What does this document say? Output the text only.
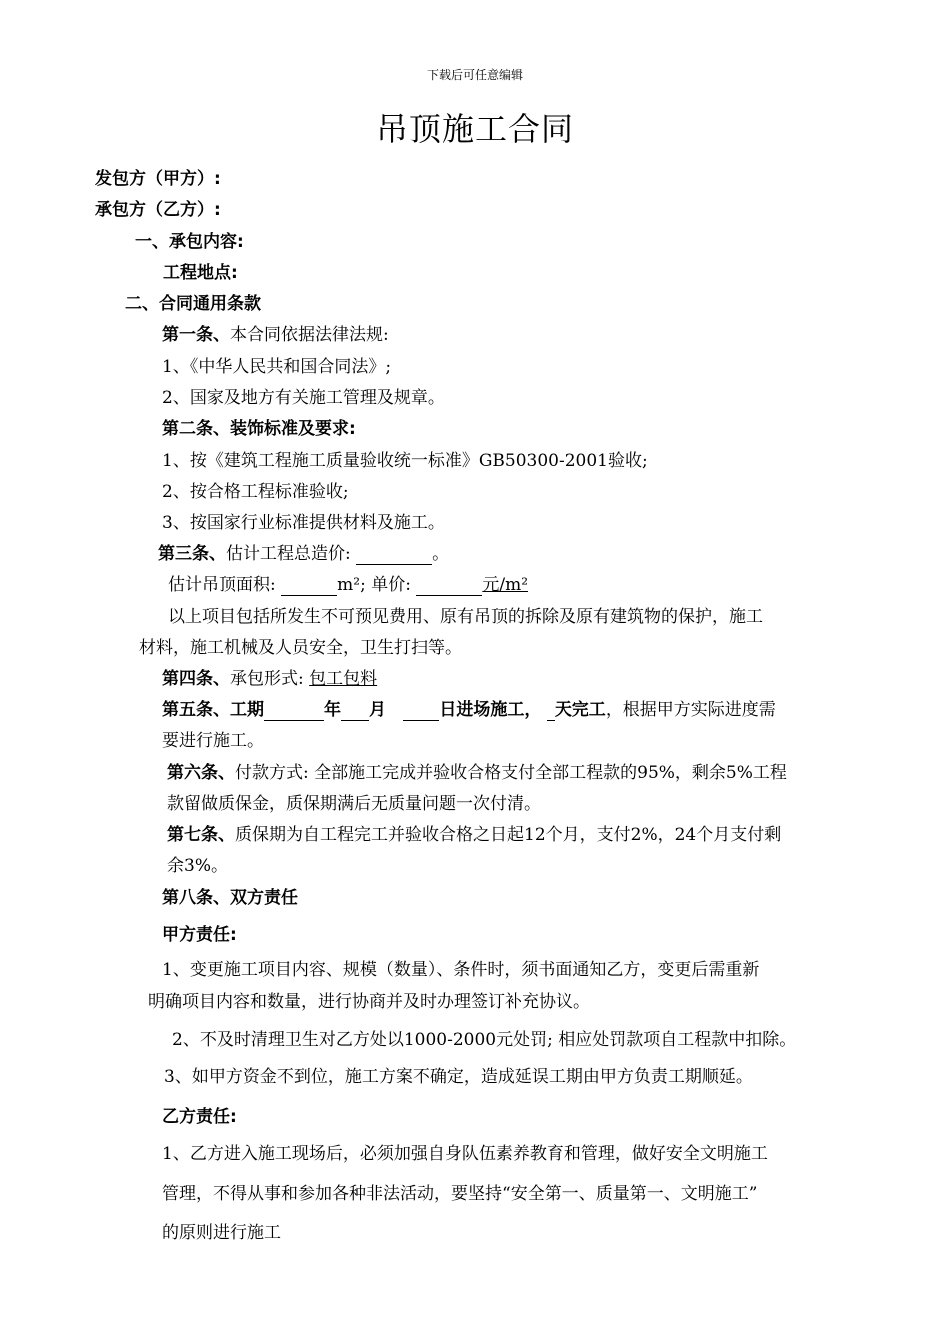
下载后可任意编辑
吊顶施工合同
发包方（甲方）:
承包方（乙方）:
一、承包内容:
工程地点:
二、合同通用条款
第一条、本合同依据法律法规:
1、《中华人民共和国合同法》;
2、国家及地方有关施工管理及规章。
第二条、装饰标准及要求:
1、按《建筑工程施工质量验收统一标准》GB50300-2001验收;
2、按合格工程标准验收;
3、按国家行业标准提供材料及施工。
第三条、估计工程总造价:	。
估计吊顶面积:	m²; 单价:	元/m²
以上项目包括所发生不可预见费用、原有吊顶的拆除及原有建筑物的保护，施工
材料，施工机械及人员安全，卫生打扫等。
第四条、承包形式: 包工包料
第五条、工期	年 月	日进场施工， 天完工，根据甲方实际进度需
要进行施工。
第六条、付款方式: 全部施工完成并验收合格支付全部工程款的95%，剩余5%工程
款留做质保金，质保期满后无质量问题一次付清。
第七条、质保期为自工程完工并验收合格之日起12个月，支付2%，24个月支付剩
余3%。
第八条、双方责任
甲方责任:
1、变更施工项目内容、规模（数量）、条件时，须书面通知乙方，变更后需重新
明确项目内容和数量，进行协商并及时办理签订补充协议。
2、不及时清理卫生对乙方处以1000-2000元处罚; 相应处罚款项自工程款中扣除。
3、如甲方资金不到位，施工方案不确定，造成延误工期由甲方负责工期顺延。
乙方责任:
1、乙方进入施工现场后，必须加强自身队伍素养教育和管理，做好安全文明施工
管理，不得从事和参加各种非法活动，要坚持“安全第一、质量第一、文明施工”
的原则进行施工
